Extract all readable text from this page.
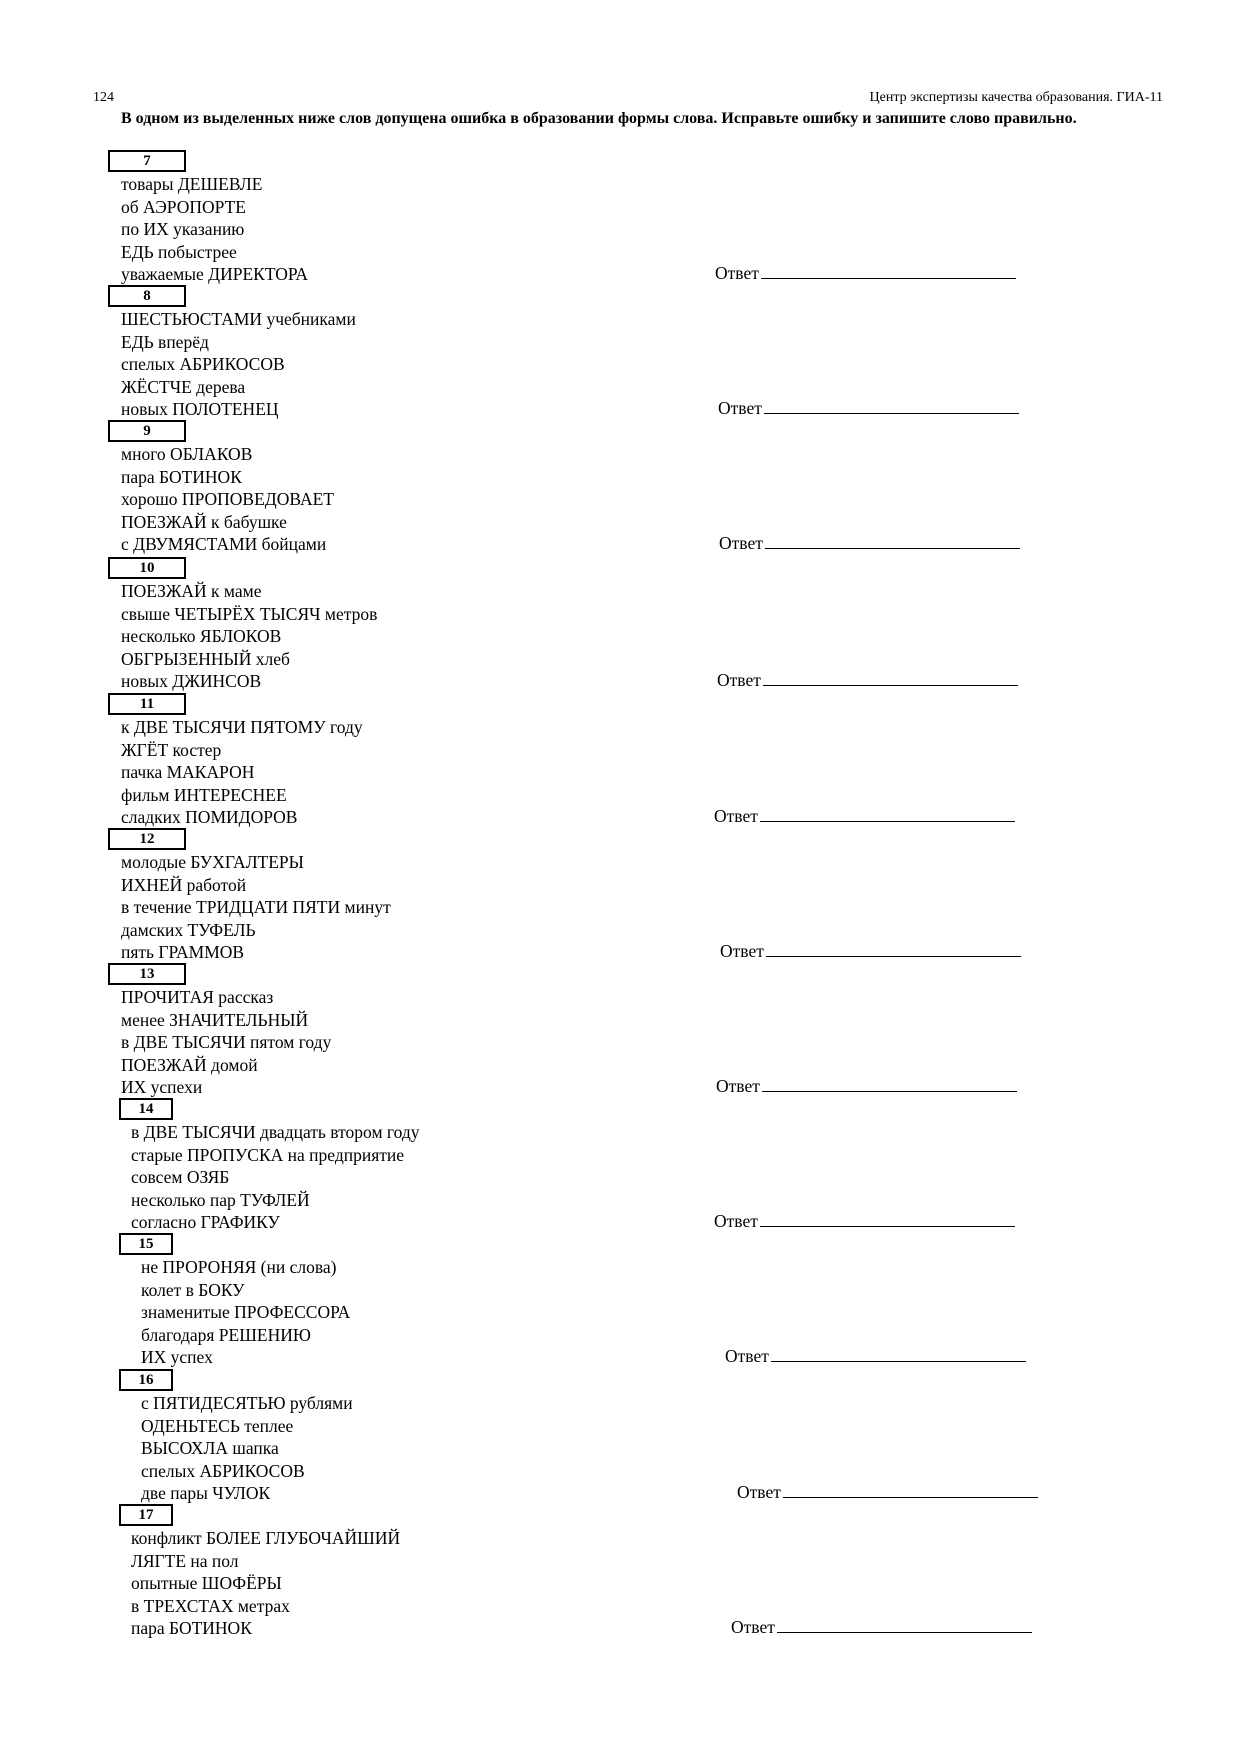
124	Центр экспертизы качества образования. ГИА-11
В одном из выделенных ниже слов допущена ошибка в образовании формы слова. Исправьте ошибку и запишите слово правильно.
7
товары ДЕШЕВЛЕ
об АЭРОПОРТЕ
по ИХ указанию
ЕДЬ побыстрее
уважаемые ДИРЕКТОРА	Ответ
8
ШЕСТЬЮСТАМИ учебниками
ЕДЬ вперёд
спелых АБРИКОСОВ
ЖЁСТЧЕ дерева
новых ПОЛОТЕНЕЦ	Ответ
9
много ОБЛАКОВ
пара БОТИНОК
хорошо ПРОПОВЕДОВАЕТ
ПОЕЗЖАЙ к бабушке
с ДВУМЯСТАМИ бойцами	Ответ
10
ПОЕЗЖАЙ к маме
свыше ЧЕТЫРЁХ ТЫСЯЧ метров
несколько ЯБЛОКОВ
ОБГРЫЗЕННЫЙ хлеб
новых ДЖИНСОВ	Ответ
11
к ДВЕ ТЫСЯЧИ ПЯТОМУ году
ЖГЁТ костер
пачка МАКАРОН
фильм ИНТЕРЕСНЕЕ
сладких ПОМИДОРОВ	Ответ
12
молодые БУХГАЛТЕРЫ
ИХНЕЙ работой
в течение ТРИДЦАТИ ПЯТИ минут
дамских ТУФЕЛЬ
пять ГРАММОВ	Ответ
13
ПРОЧИТАЯ рассказ
менее ЗНАЧИТЕЛЬНЫЙ
в ДВЕ ТЫСЯЧИ пятом году
ПОЕЗЖАЙ домой
ИХ успехи	Ответ
14
в ДВЕ ТЫСЯЧИ двадцать втором году
старые ПРОПУСКА на предприятие
совсем ОЗЯБ
несколько пар ТУФЛЕЙ
согласно ГРАФИКУ	Ответ
15
не ПРОРОНЯЯ (ни слова)
колет в БОКУ
знаменитые ПРОФЕССОРА
благодаря РЕШЕНИЮ
ИХ успех	Ответ
16
с ПЯТИДЕСЯТЬЮ рублями
ОДЕНЬТЕСЬ теплее
ВЫСОХЛА шапка
спелых АБРИКОСОВ
две пары ЧУЛОК	Ответ
17
конфликт БОЛЕЕ ГЛУБОЧАЙШИЙ
ЛЯГТЕ на пол
опытные ШОФЁРЫ
в ТРЕХСТАХ метрах
пара БОТИНОК	Ответ
